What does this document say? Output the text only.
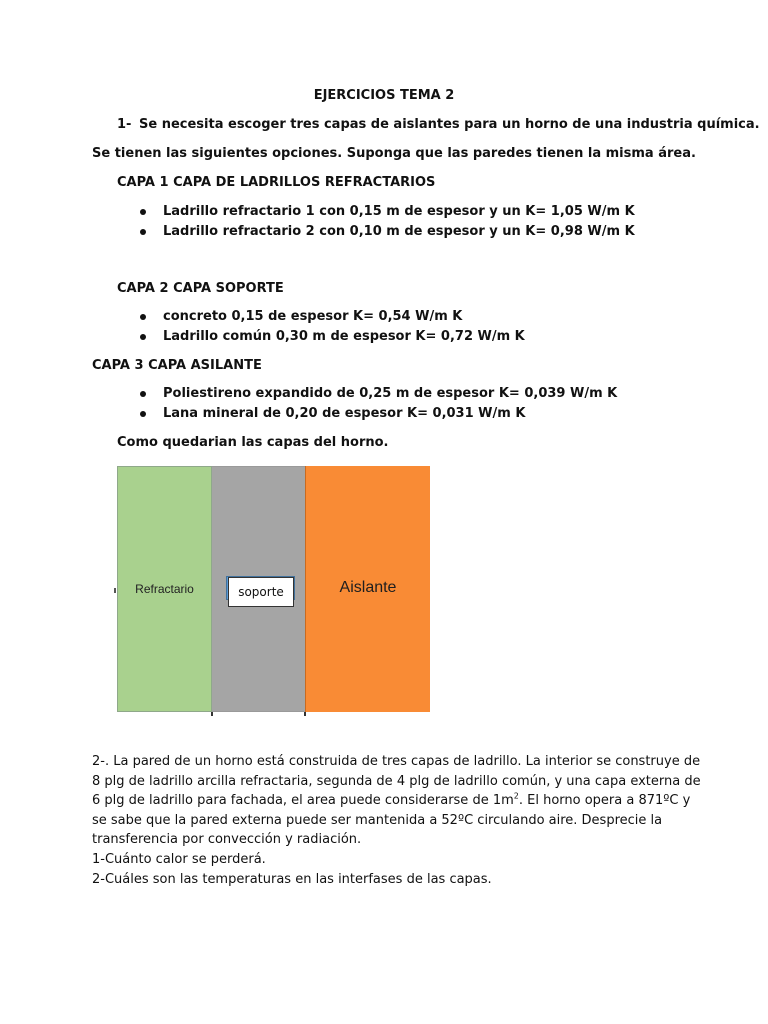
EJERCICIOS TEMA 2
1- Se necesita escoger tres capas de aislantes para un horno de una industria química.
Se tienen las siguientes opciones. Suponga que las paredes tienen la misma área.
CAPA 1 CAPA DE LADRILLOS REFRACTARIOS
Ladrillo refractario 1 con 0,15 m de espesor y un K= 1,05 W/m K
Ladrillo refractario 2 con 0,10 m de espesor y un K= 0,98 W/m K
CAPA 2 CAPA SOPORTE
concreto 0,15 de espesor K= 0,54 W/m K
Ladrillo común 0,30 m de espesor K= 0,72 W/m K
CAPA 3 CAPA ASILANTE
Poliestireno expandido de 0,25 m de espesor K= 0,039 W/m K
Lana mineral de 0,20 de espesor K= 0,031 W/m K
Como quedarian las capas del horno.
Refractario	Aislante
soporte
2-. La pared de un horno está construida de tres capas de ladrillo. La interior se construye de
8 plg de ladrillo arcilla refractaria, segunda de 4 plg de ladrillo común, y una capa externa de
6 plg de ladrillo para fachada, el area puede considerarse de $1m^2$. El horno opera a 871ºC y
se sabe que la pared externa puede ser mantenida a 52ºC circulando aire. Desprecie la
transferencia por convección y radiación.
1-Cuánto calor se perderá.
2-Cuáles son las temperaturas en las interfases de las capas.
